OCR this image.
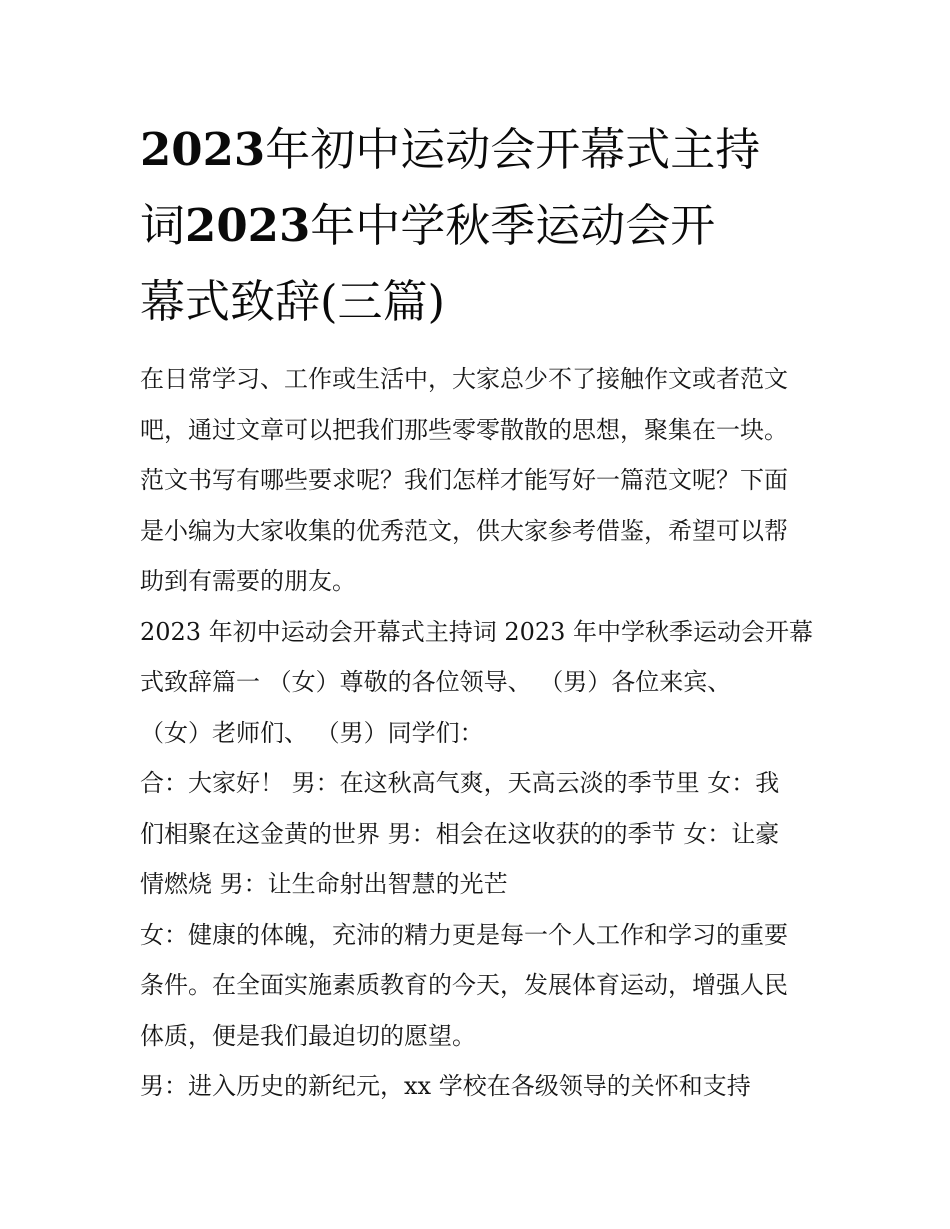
2023年初中运动会开幕式主持
词2023年中学秋季运动会开
幕式致辞(三篇)
在日常学习、工作或生活中，大家总少不了接触作文或者范文
吧，通过文章可以把我们那些零零散散的思想，聚集在一块。
范文书写有哪些要求呢？我们怎样才能写好一篇范文呢？下面
是小编为大家收集的优秀范文，供大家参考借鉴，希望可以帮
助到有需要的朋友。
2023 年初中运动会开幕式主持词 2023 年中学秋季运动会开幕
式致辞篇一 （女）尊敬的各位领导、 （男）各位来宾、
（女）老师们、 （男）同学们：
合：大家好！ 男：在这秋高气爽，天高云淡的季节里 女：我
们相聚在这金黄的世界 男：相会在这收获的的季节 女：让豪
情燃烧 男：让生命射出智慧的光芒
女：健康的体魄，充沛的精力更是每一个人工作和学习的重要
条件。在全面实施素质教育的今天，发展体育运动，增强人民
体质，便是我们最迫切的愿望。
男：进入历史的新纪元，xx 学校在各级领导的关怀和支持
